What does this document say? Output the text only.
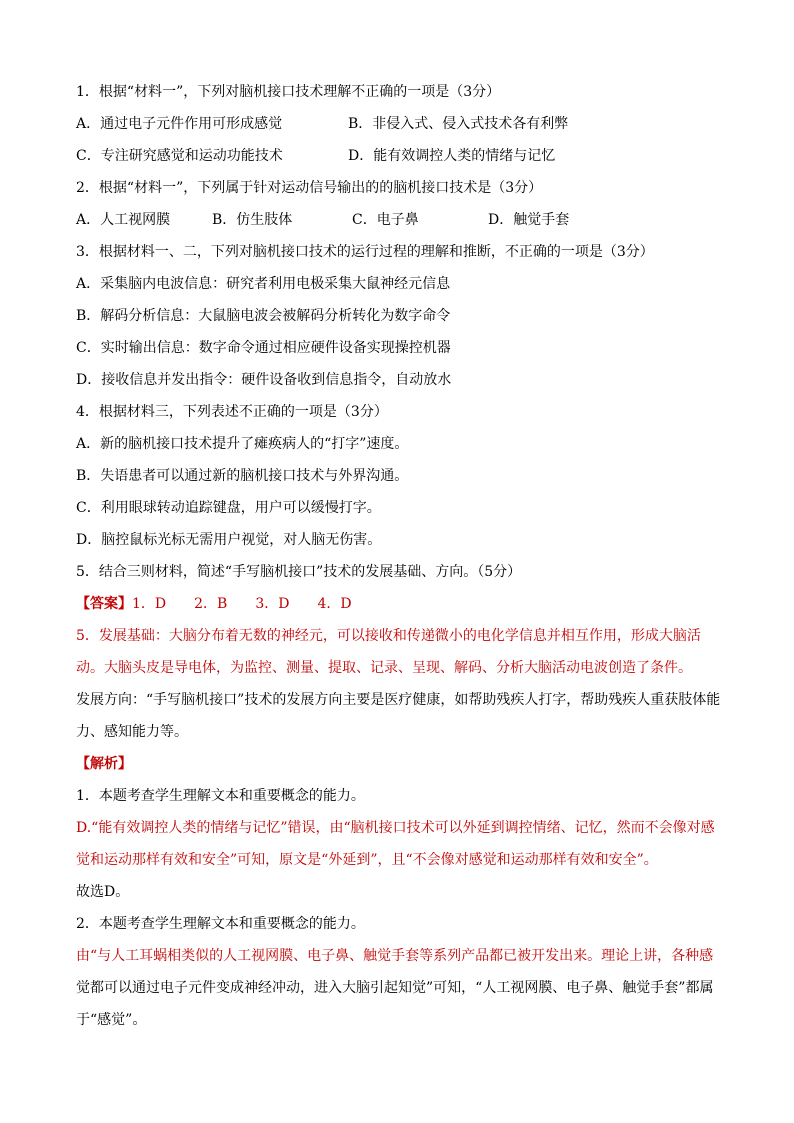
1．根据“材料一”，下列对脑机接口技术理解不正确的一项是（3分）
A．通过电子元件作用可形成感觉	B．非侵入式、侵入式技术各有利弊
C．专注研究感觉和运动功能技术	D．能有效调控人类的情绪与记忆
2．根据“材料一”，下列属于针对运动信号输出的的脑机接口技术是（3分）
A．人工视网膜	B．仿生肢体	C．电子鼻	D．触觉手套
3．根据材料一、二，下列对脑机接口技术的运行过程的理解和推断，不正确的一项是（3分）
A．采集脑内电波信息：研究者利用电极采集大鼠神经元信息
B．解码分析信息：大鼠脑电波会被解码分析转化为数字命令
C．实时输出信息：数字命令通过相应硬件设备实现操控机器
D．接收信息并发出指令：硬件设备收到信息指令，自动放水
4．根据材料三，下列表述不正确的一项是（3分）
A．新的脑机接口技术提升了瘫痪病人的“打字”速度。
B．失语患者可以通过新的脑机接口技术与外界沟通。
C．利用眼球转动追踪键盘，用户可以缓慢打字。
D．脑控鼠标光标无需用户视觉，对人脑无伤害。
5．结合三则材料，简述“手写脑机接口”技术的发展基础、方向。（5分）
【答案】1．D　　2．B　　3．D　　4．D
5．发展基础：大脑分布着无数的神经元，可以接收和传递微小的电化学信息并相互作用，形成大脑活
动。大脑头皮是导电体，为监控、测量、提取、记录、呈现、解码、分析大脑活动电波创造了条件。
发展方向：“手写脑机接口”技术的发展方向主要是医疗健康，如帮助残疾人打字，帮助残疾人重获肢体能
力、感知能力等。
【解析】
1．本题考查学生理解文本和重要概念的能力。
D.“能有效调控人类的情绪与记忆”错误，由“脑机接口技术可以外延到调控情绪、记忆，然而不会像对感
觉和运动那样有效和安全”可知，原文是“外延到”，且“不会像对感觉和运动那样有效和安全”。
故选D。
2．本题考查学生理解文本和重要概念的能力。
由“与人工耳蜗相类似的人工视网膜、电子鼻、触觉手套等系列产品都已被开发出来。理论上讲，各种感
觉都可以通过电子元件变成神经冲动，进入大脑引起知觉”可知，“人工视网膜、电子鼻、触觉手套”都属
于“感觉”。
